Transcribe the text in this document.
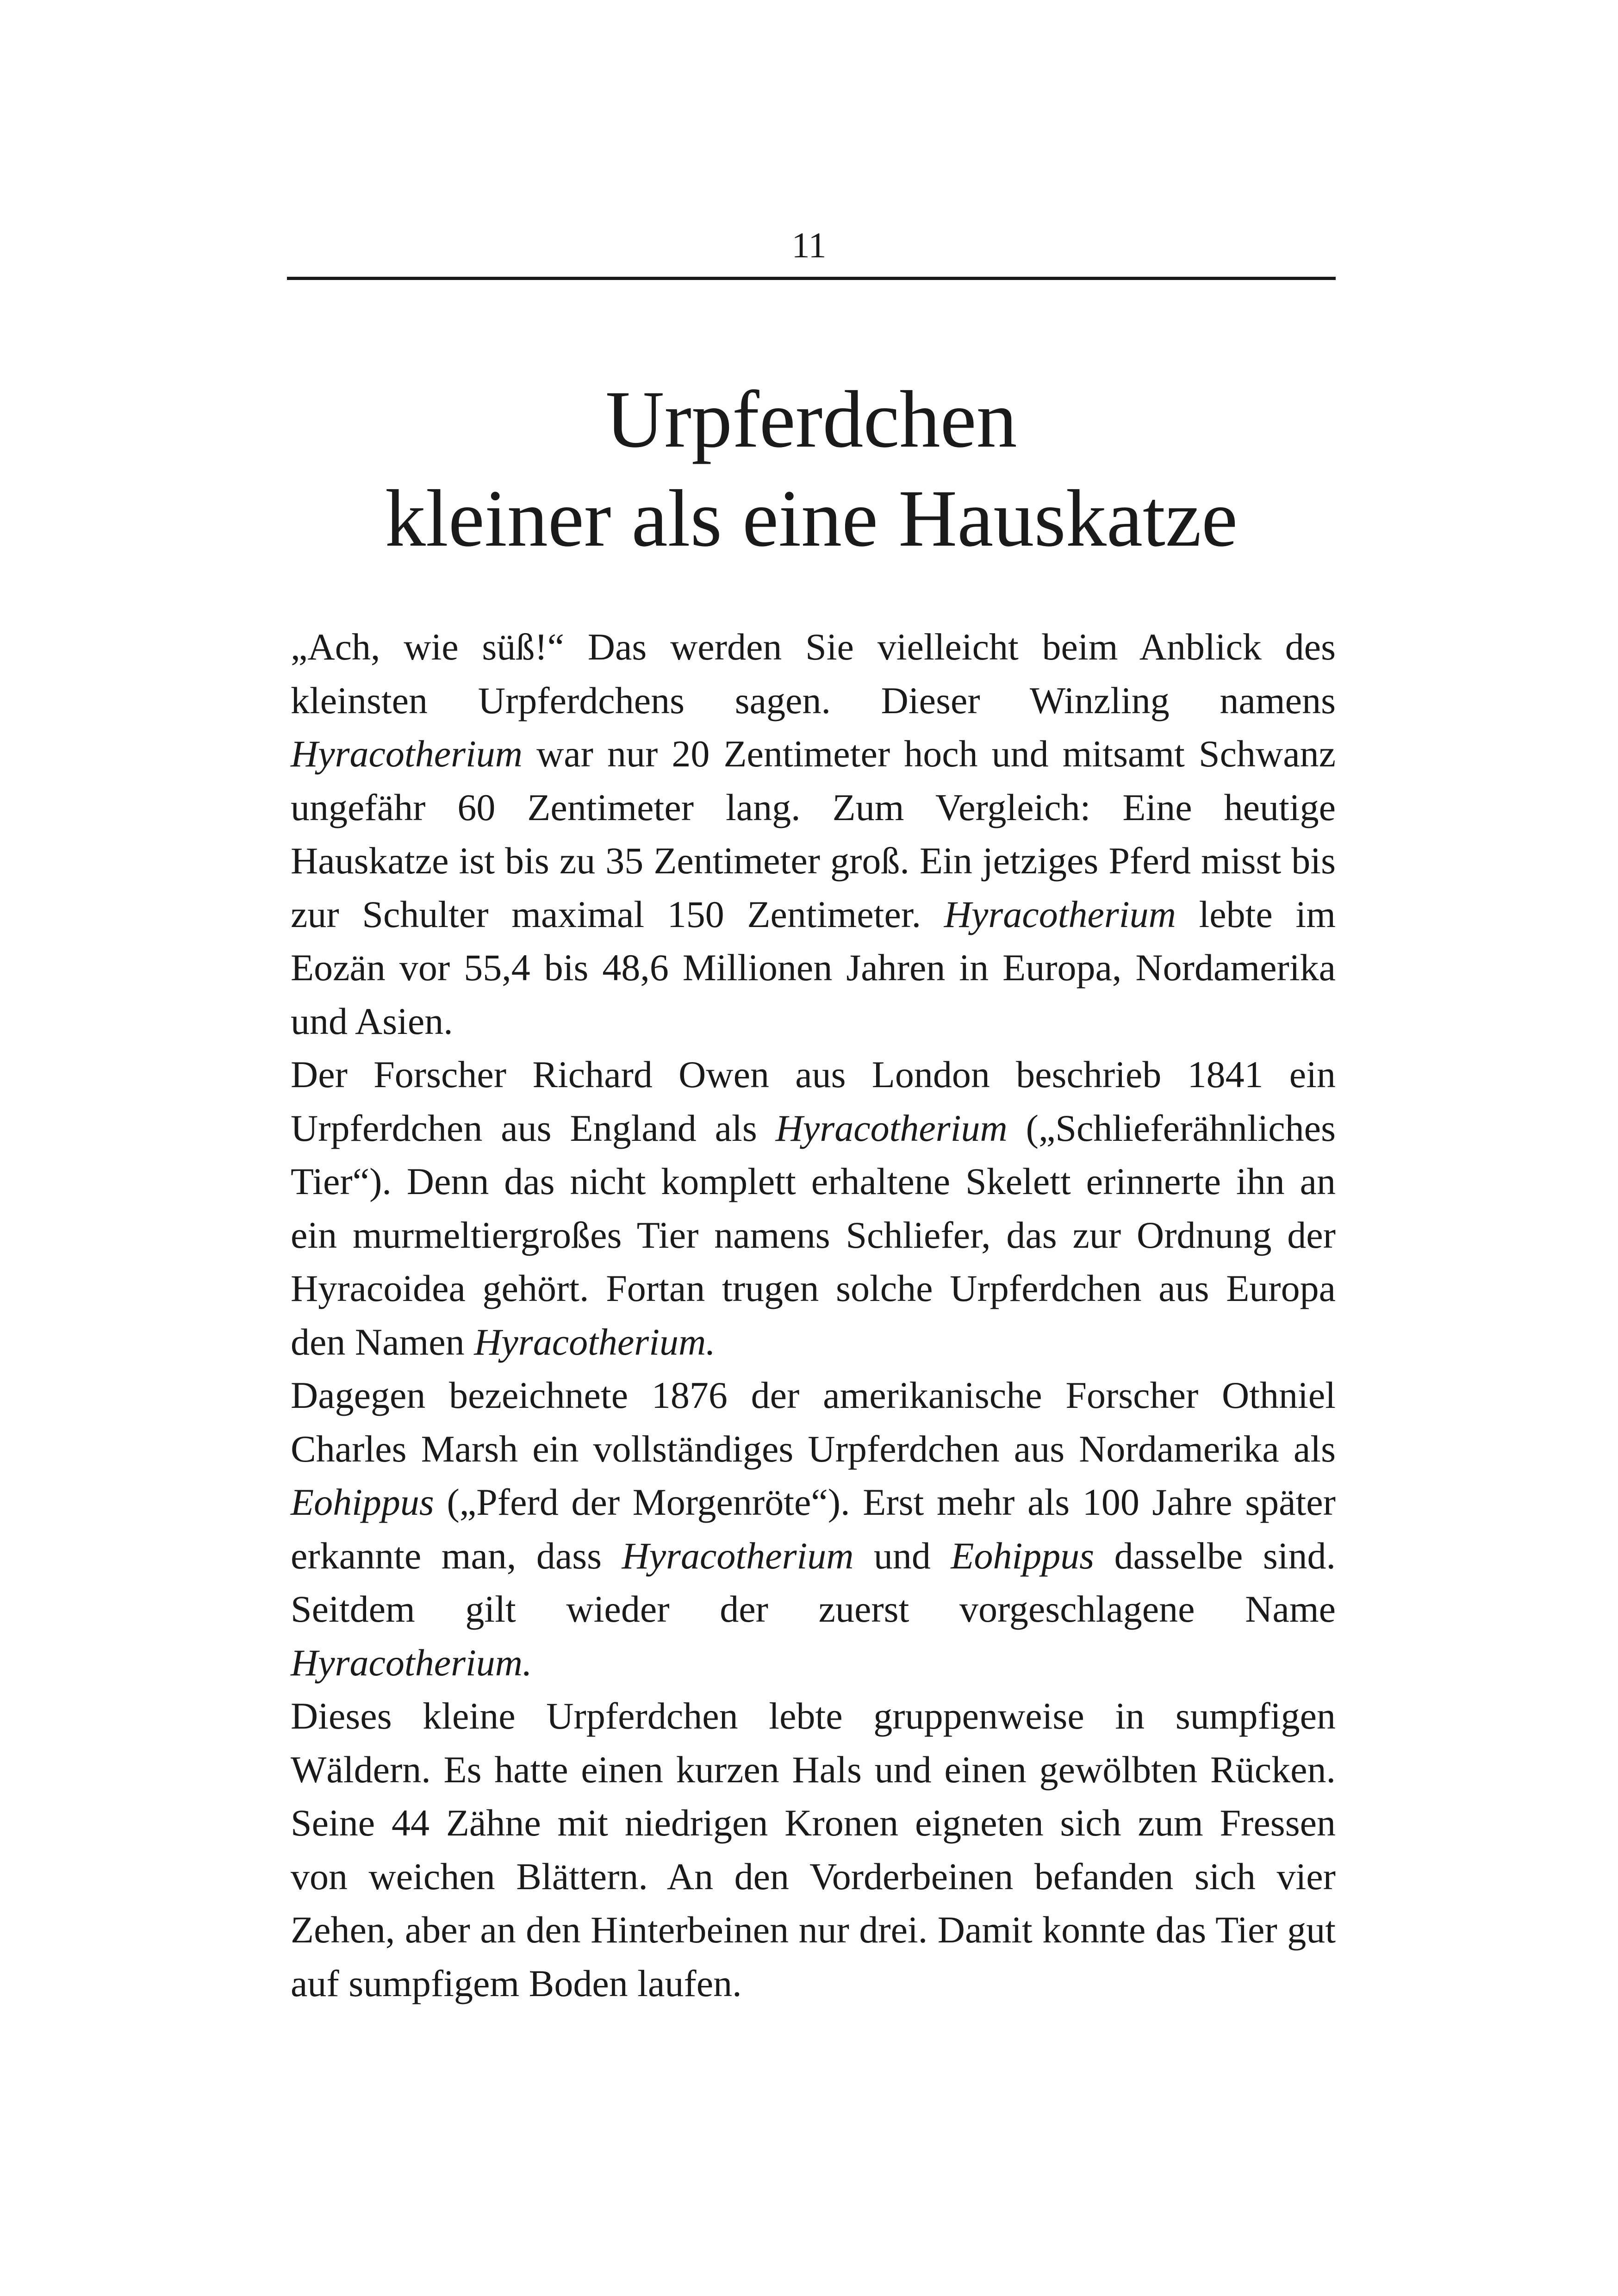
11
Urpferdchen
kleiner als eine Hauskatze

„Ach, wie süß!“ Das werden Sie vielleicht beim Anblick des kleinsten Urpferdchens sagen. Dieser Winzling namens Hyracotherium war nur 20 Zentimeter hoch und mitsamt Schwanz ungefähr 60 Zentimeter lang. Zum Vergleich: Eine heutige Hauskatze ist bis zu 35 Zentimeter groß. Ein jetziges Pferd misst bis zur Schulter maximal 150 Zentimeter. Hyracotherium lebte im Eozän vor 55,4 bis 48,6 Millionen Jahren in Europa, Nordamerika und Asien.

Der Forscher Richard Owen aus London beschrieb 1841 ein Urpferdchen aus England als Hyracotherium („Schlieferähnliches Tier“). Denn das nicht komplett erhaltene Skelett erinnerte ihn an ein murmeltiergroßes Tier namens Schliefer, das zur Ordnung der Hyracoidea gehört. Fortan trugen solche Urpferdchen aus Europa den Namen Hyracotherium.

Dagegen bezeichnete 1876 der amerikanische Forscher Othniel Charles Marsh ein vollständiges Urpferdchen aus Nordamerika als Eohippus („Pferd der Morgenröte“). Erst mehr als 100 Jahre später erkannte man, dass Hyracotherium und Eohippus dasselbe sind. Seitdem gilt wieder der zuerst vorgeschlagene Name Hyracotherium.

Dieses kleine Urpferdchen lebte gruppenweise in sumpfigen Wäldern. Es hatte einen kurzen Hals und einen gewölbten Rücken. Seine 44 Zähne mit niedrigen Kronen eigneten sich zum Fressen von weichen Blättern. An den Vorderbeinen befanden sich vier Zehen, aber an den Hinterbeinen nur drei. Damit konnte das Tier gut auf sumpfigem Boden laufen.
